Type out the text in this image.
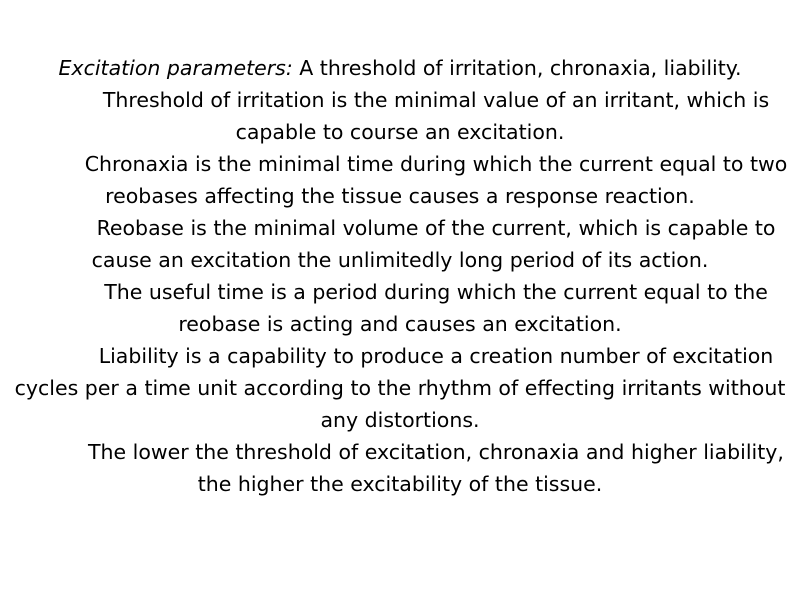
Excitation parameters: A threshold of irritation, chronaxia, liability.

Threshold of irritation is the minimal value of an irritant, which is capable to course an excitation.

Chronaxia is the minimal time during which the current equal to two reobases affecting the tissue causes a response reaction.

Reobase is the minimal volume of the current, which is capable to cause an excitation the unlimitedly long period of its action.

The useful time is a period during which the current equal to the reobase is acting and causes an excitation.

Liability is a capability to produce a creation number of excitation cycles per a time unit according to the rhythm of effecting irritants without any distortions.

The lower the threshold of excitation, chronaxia and higher liability, the higher the excitability of the tissue.
